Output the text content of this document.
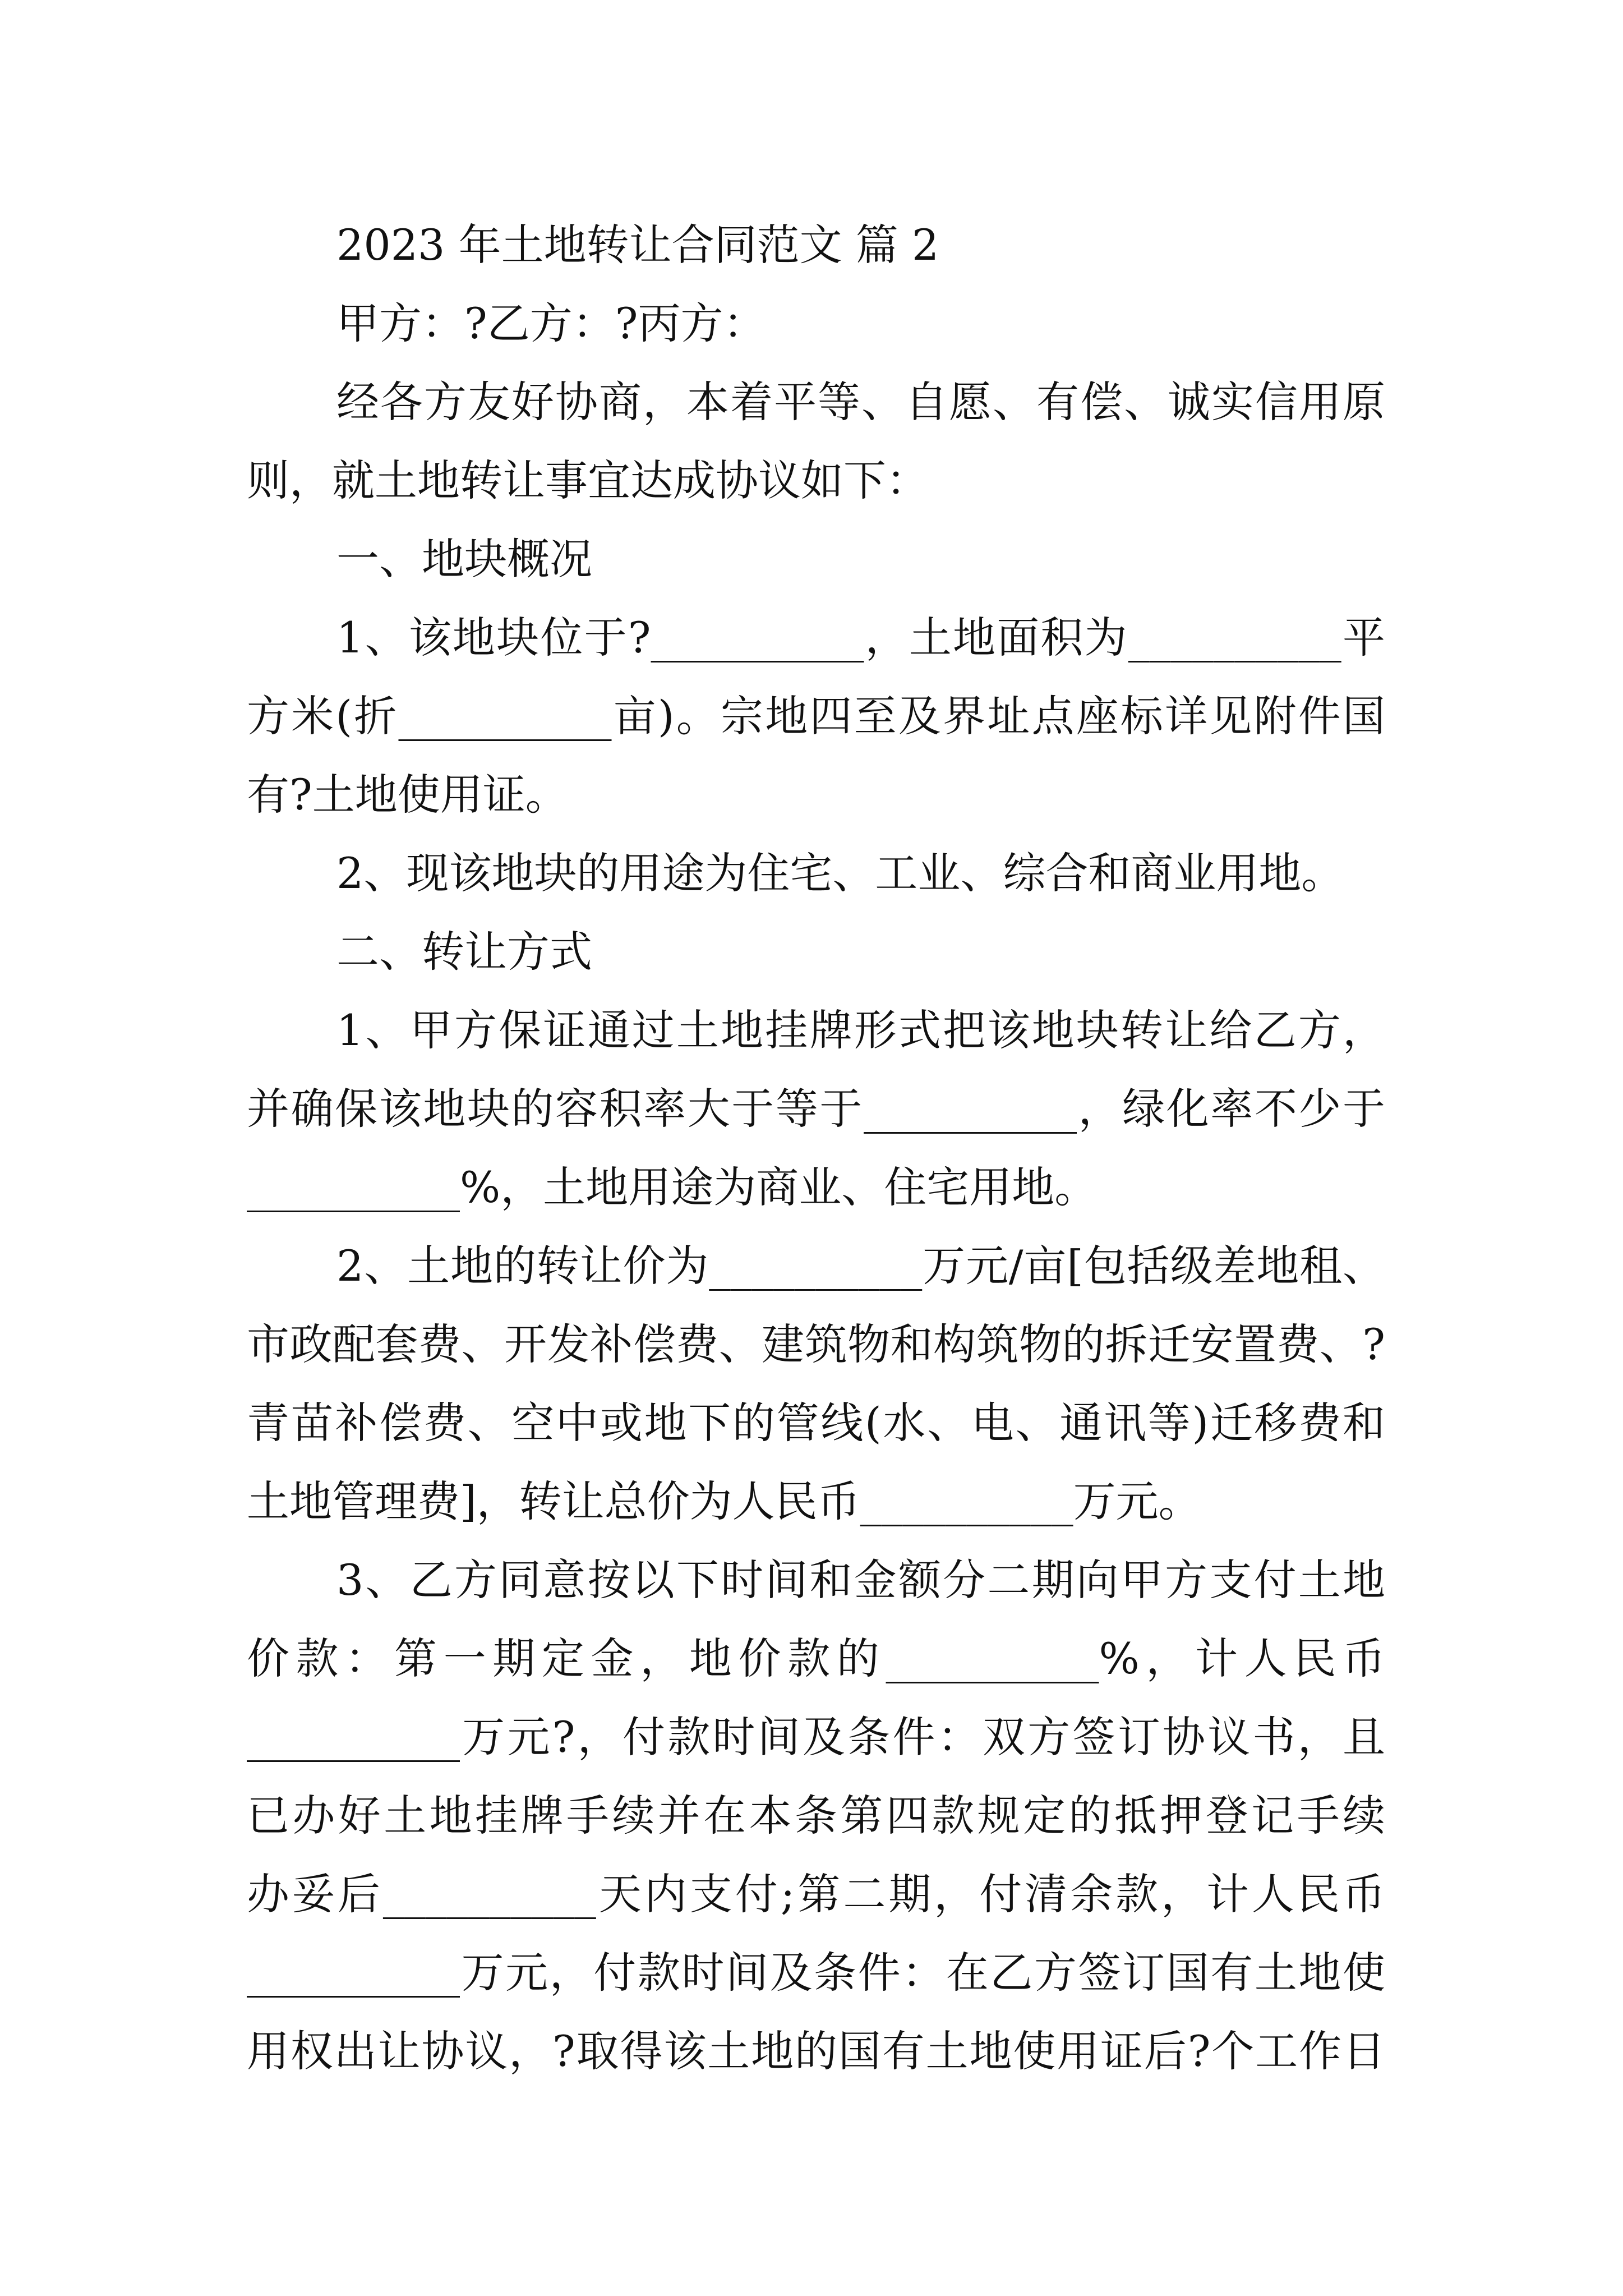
2023 年土地转让合同范文 篇 2
甲方：?乙方：?丙方：
经各方友好协商，本着平等、自愿、有偿、诚实信用原
则，就土地转让事宜达成协议如下：
一、地块概况
1、该地块位于?__________，土地面积为__________平
方米(折__________亩)。宗地四至及界址点座标详见附件国
有?土地使用证。
2、现该地块的用途为住宅、工业、综合和商业用地。
二、转让方式
1、甲方保证通过土地挂牌形式把该地块转让给乙方，
并确保该地块的容积率大于等于__________，绿化率不少于
__________%，土地用途为商业、住宅用地。
2、土地的转让价为__________万元/亩[包括级差地租、
市政配套费、开发补偿费、建筑物和构筑物的拆迁安置费、?
青苗补偿费、空中或地下的管线(水、电、通讯等)迁移费和
土地管理费]，转让总价为人民币__________万元。
3、乙方同意按以下时间和金额分二期向甲方支付土地
价款：第一期定金，地价款的__________%，计人民币
__________万元?，付款时间及条件：双方签订协议书，且
已办好土地挂牌手续并在本条第四款规定的抵押登记手续
办妥后__________天内支付;第二期，付清余款，计人民币
__________万元，付款时间及条件：在乙方签订国有土地使
用权出让协议，?取得该土地的国有土地使用证后?个工作日
